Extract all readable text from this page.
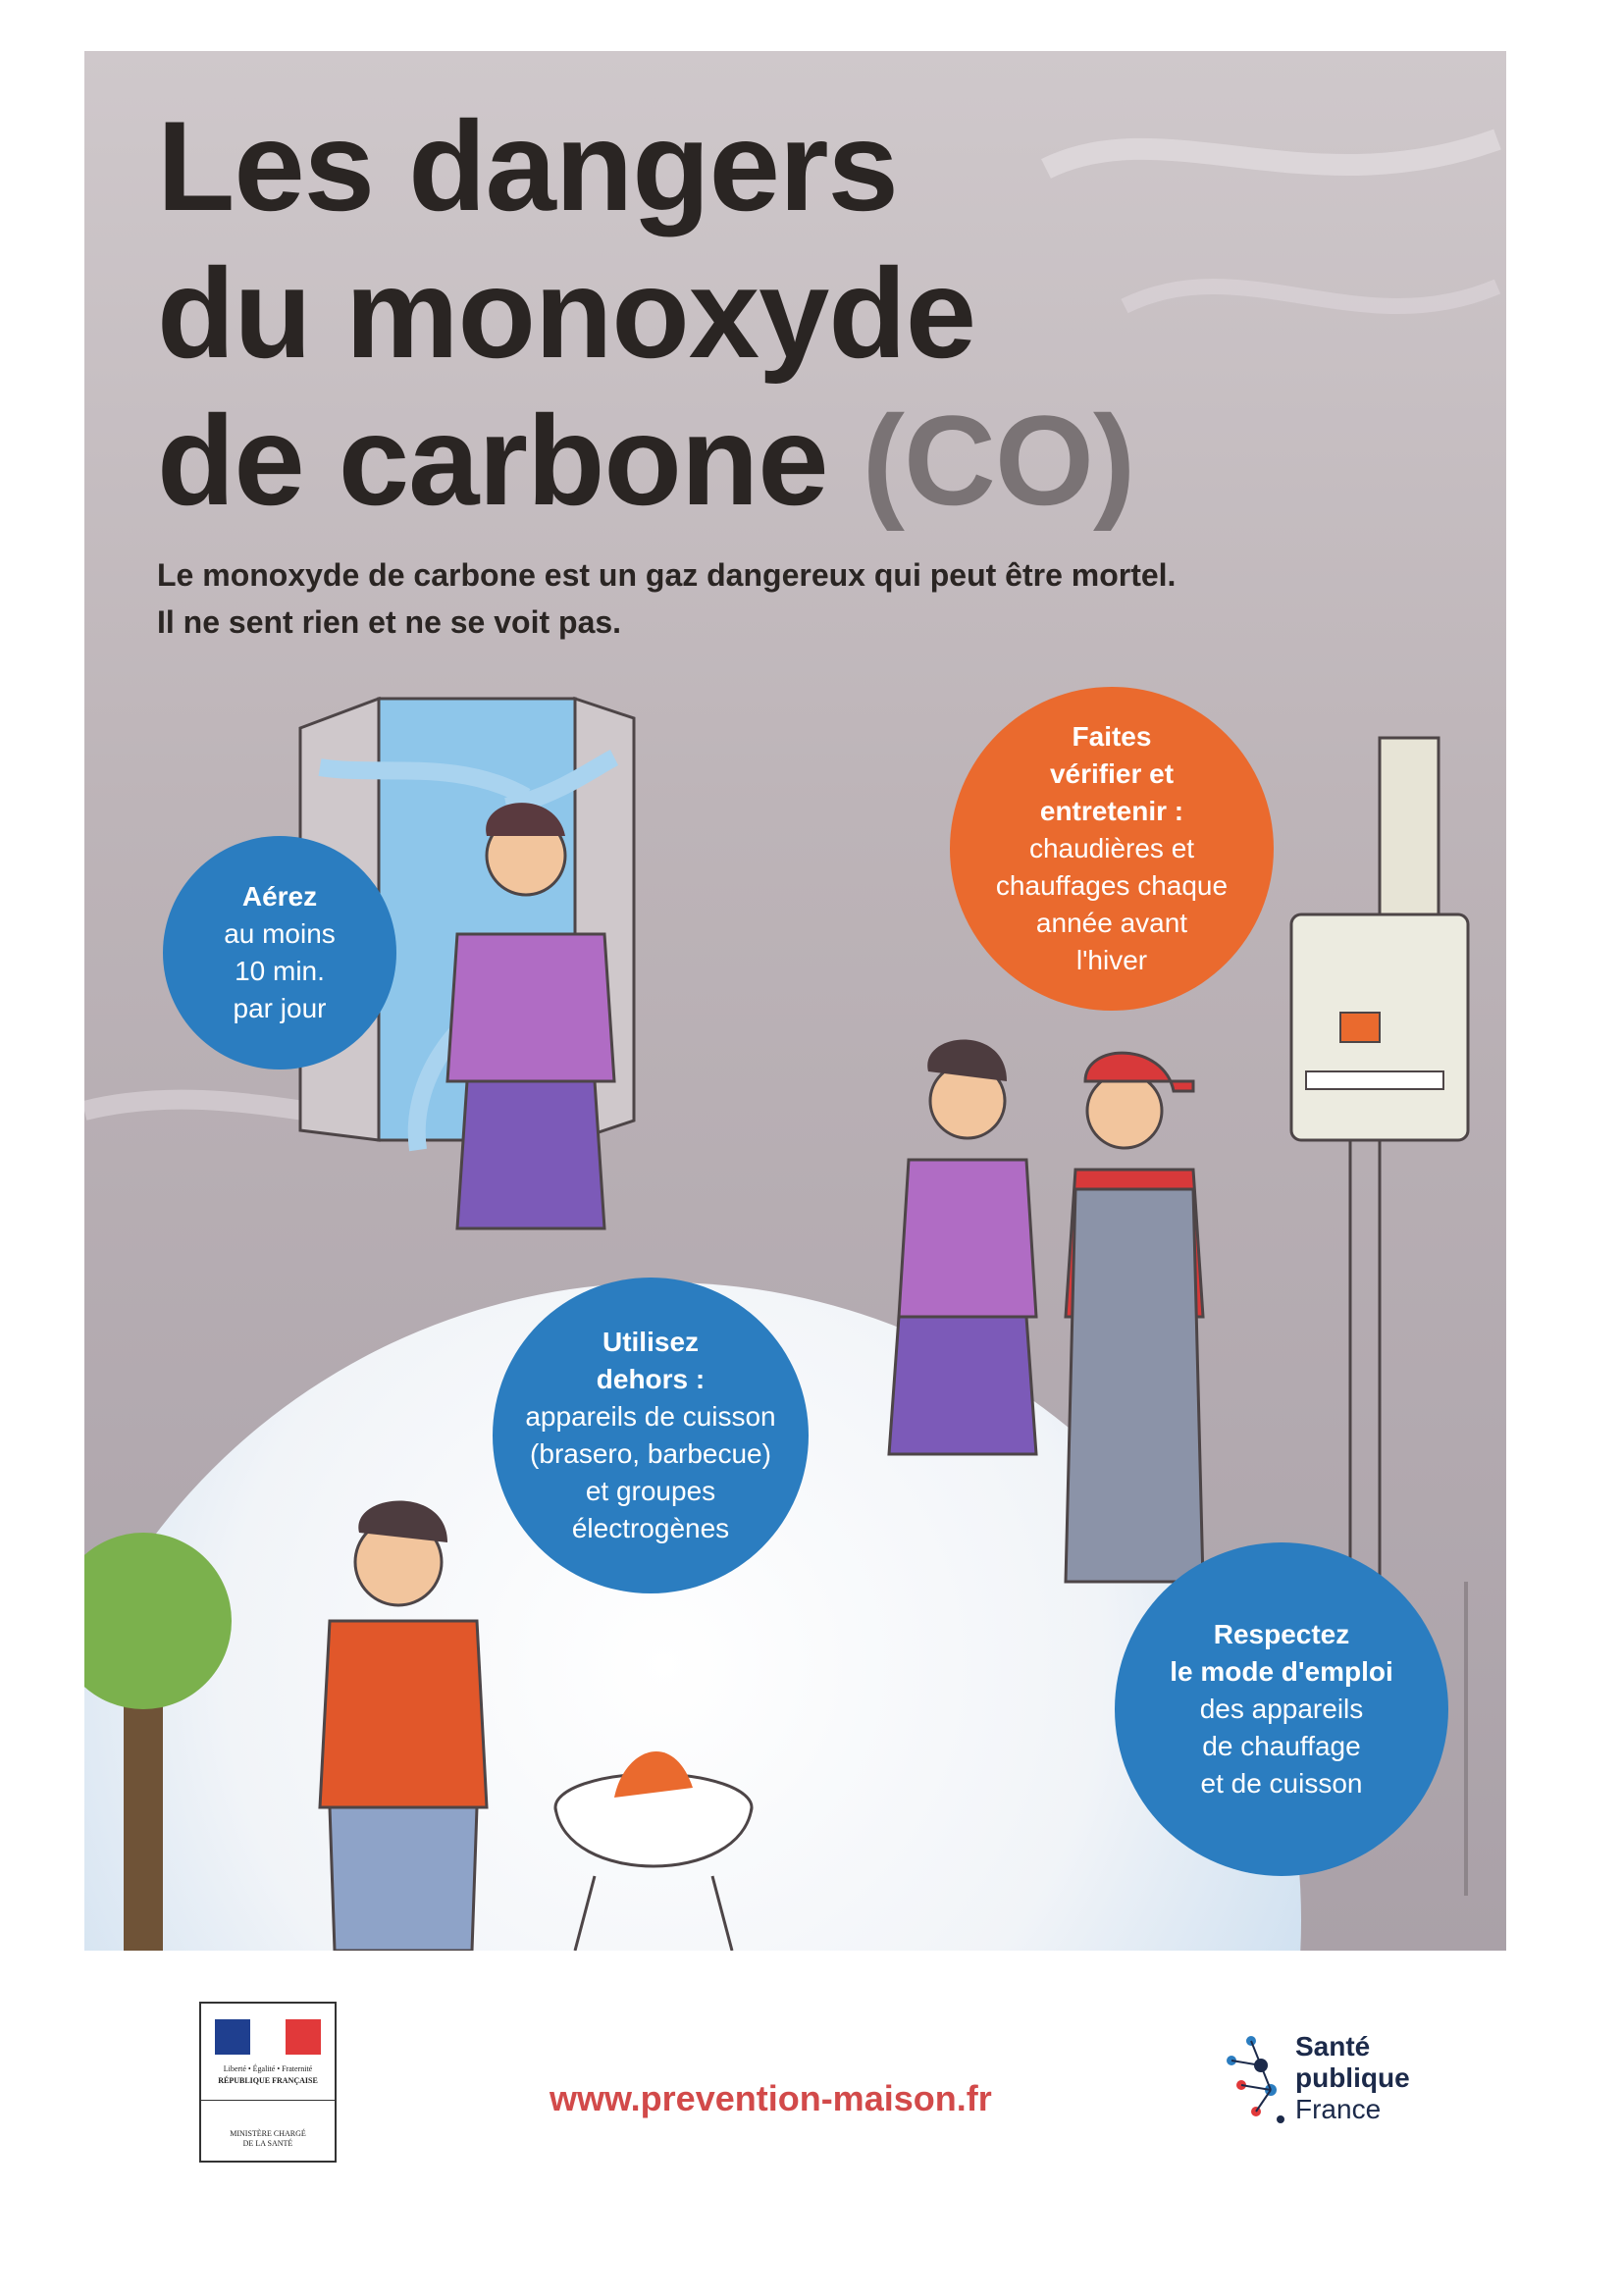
Les dangers
du monoxyde
de carbone (CO)
Le monoxyde de carbone est un gaz dangereux qui peut être mortel.
Il ne sent rien et ne se voit pas.
Aérez
au moins
10 min.
par jour
Faites
vérifier et
entretenir :
chaudières et
chauffages chaque
année avant
l'hiver
Utilisez
dehors :
appareils de cuisson
(brasero, barbecue)
et groupes
électrogènes
Respectez
le mode d'emploi
des appareils
de chauffage
et de cuisson
Liberté • Égalité • Fraternité
RÉPUBLIQUE FRANÇAISE
MINISTÈRE CHARGÉ
DE LA SANTÉ
www.prevention-maison.fr
Santé
publique
France
